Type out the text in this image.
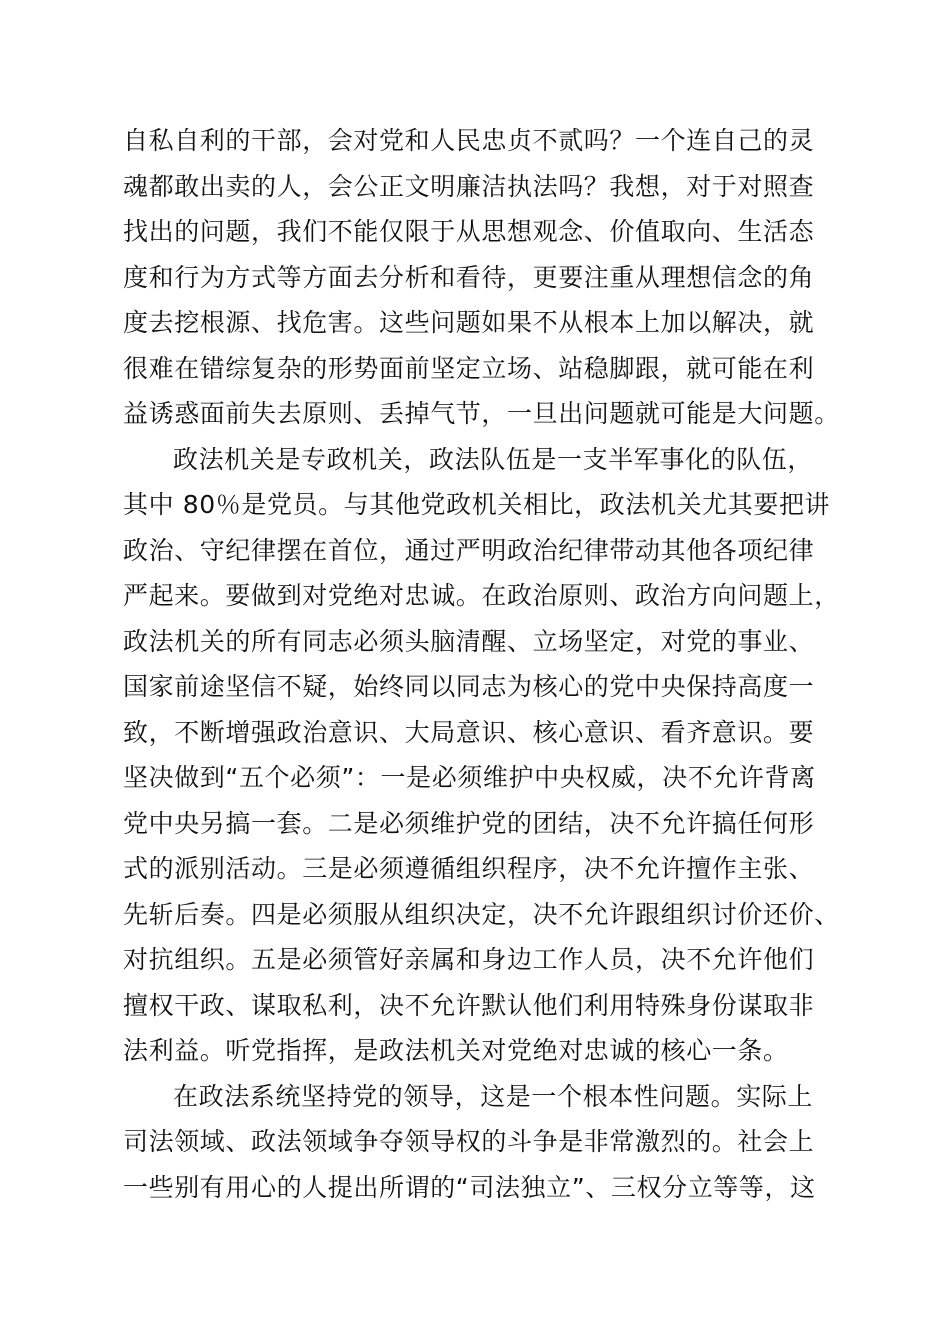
自私自利的干部，会对党和人民忠贞不贰吗？一个连自己的灵
魂都敢出卖的人，会公正文明廉洁执法吗？我想，对于对照查
找出的问题，我们不能仅限于从思想观念、价值取向、生活态
度和行为方式等方面去分析和看待，更要注重从理想信念的角
度去挖根源、找危害。这些问题如果不从根本上加以解决，就
很难在错综复杂的形势面前坚定立场、站稳脚跟，就可能在利
益诱惑面前失去原则、丢掉气节，一旦出问题就可能是大问题。
政法机关是专政机关，政法队伍是一支半军事化的队伍，
其中 80％是党员。与其他党政机关相比，政法机关尤其要把讲
政治、守纪律摆在首位，通过严明政治纪律带动其他各项纪律
严起来。要做到对党绝对忠诚。在政治原则、政治方向问题上，
政法机关的所有同志必须头脑清醒、立场坚定，对党的事业、
国家前途坚信不疑，始终同以同志为核心的党中央保持高度一
致，不断增强政治意识、大局意识、核心意识、看齐意识。要
坚决做到“五个必须”：一是必须维护中央权威，决不允许背离
党中央另搞一套。二是必须维护党的团结，决不允许搞任何形
式的派别活动。三是必须遵循组织程序，决不允许擅作主张、
先斩后奏。四是必须服从组织决定，决不允许跟组织讨价还价、
对抗组织。五是必须管好亲属和身边工作人员，决不允许他们
擅权干政、谋取私利，决不允许默认他们利用特殊身份谋取非
法利益。听党指挥，是政法机关对党绝对忠诚的核心一条。
在政法系统坚持党的领导，这是一个根本性问题。实际上
司法领域、政法领域争夺领导权的斗争是非常激烈的。社会上
一些别有用心的人提出所谓的“司法独立”、三权分立等等，这
